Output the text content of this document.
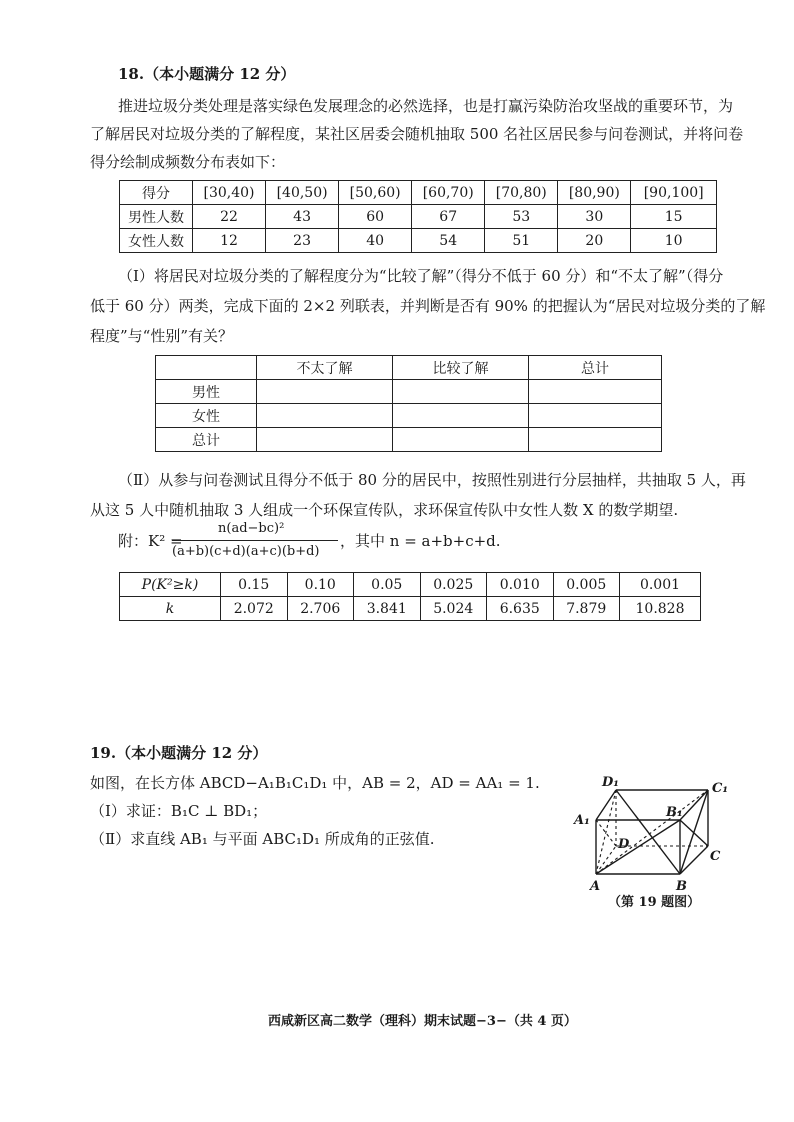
18.（本小题满分 12 分）
推进垃圾分类处理是落实绿色发展理念的必然选择，也是打赢污染防治攻坚战的重要环节，为
了解居民对垃圾分类的了解程度，某社区居委会随机抽取 500 名社区居民参与问卷测试，并将问卷
得分绘制成频数分布表如下：
得分	[30,40)	[40,50)	[50,60)	[60,70)	[70,80)	[80,90)	[90,100]
男性人数	22	43	60	67	53	30	15
女性人数	12	23	40	54	51	20	10
（Ⅰ）将居民对垃圾分类的了解程度分为“比较了解”（得分不低于 60 分）和“不太了解”（得分
低于 60 分）两类，完成下面的 2×2 列联表，并判断是否有 90% 的把握认为“居民对垃圾分类的了解
程度”与“性别”有关？
	不太了解	比较了解	总计
男性			
女性			
总计			
（Ⅱ）从参与问卷测试且得分不低于 80 分的居民中，按照性别进行分层抽样，共抽取 5 人，再
从这 5 人中随机抽取 3 人组成一个环保宣传队，求环保宣传队中女性人数 X 的数学期望.
附：K² =
n(ad−bc)²
(a+b)(c+d)(a+c)(b+d)
，其中 n = a+b+c+d.
P(K²≥k)	0.15	0.10	0.05	0.025	0.010	0.005	0.001
k	2.072	2.706	3.841	5.024	6.635	7.879	10.828
19.（本小题满分 12 分）
如图，在长方体 ABCD−A₁B₁C₁D₁ 中，AB = 2，AD = AA₁ = 1.
（Ⅰ）求证：B₁C ⊥ BD₁；
（Ⅱ）求直线 AB₁ 与平面 ABC₁D₁ 所成角的正弦值.
D₁	C₁
A₁
B₁
D
C
A	B
（第 19 题图）
西咸新区高二数学（理科）期末试题−3−（共 4 页）
